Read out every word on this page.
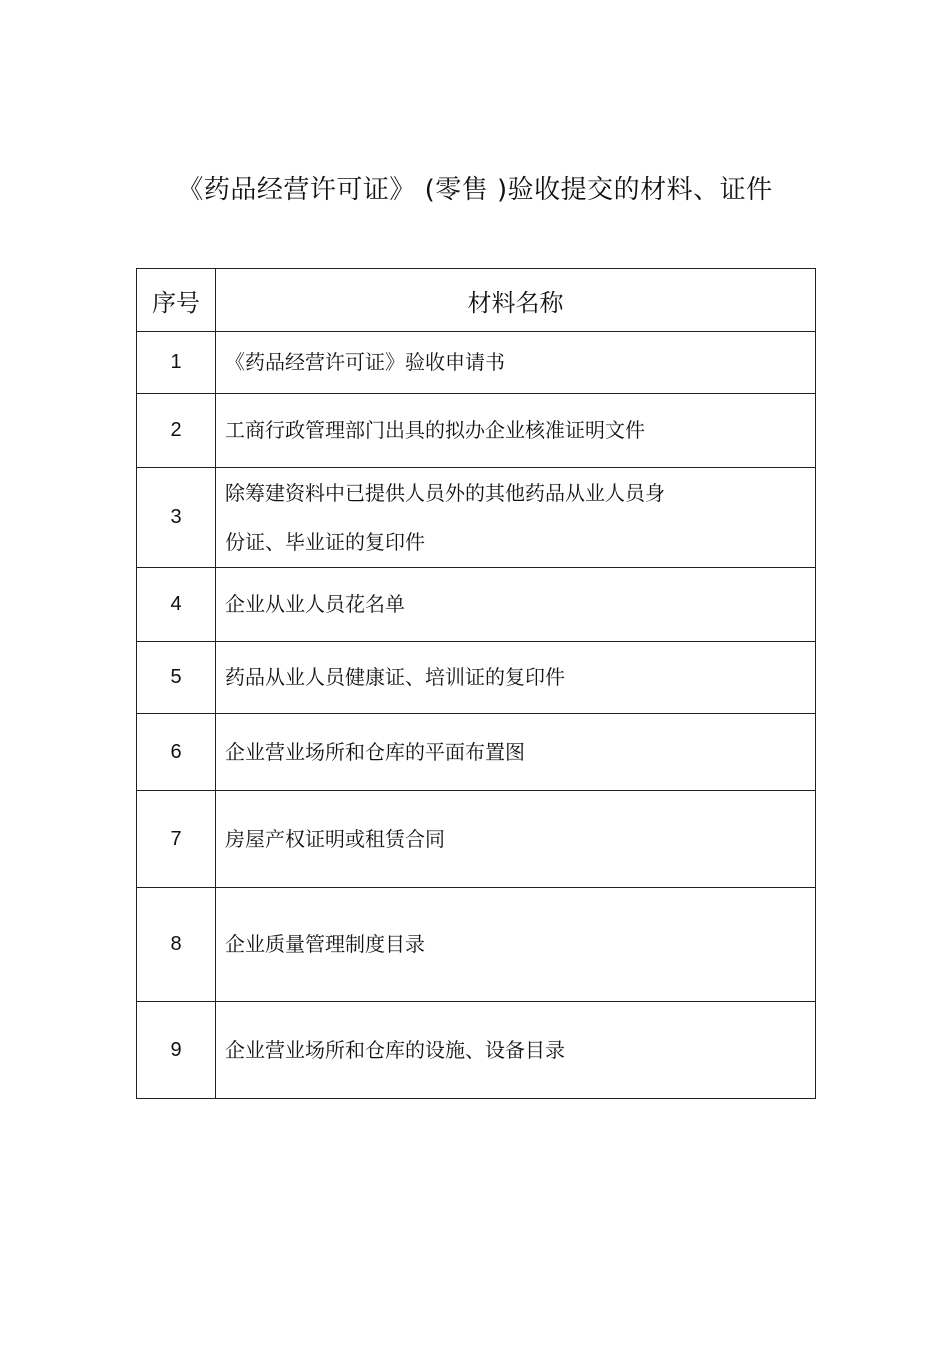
《药品经营许可证》 (零售 )验收提交的材料、证件
序号	材料名称
1	《药品经营许可证》验收申请书

2	工商行政管理部门出具的拟办企业核准证明文件

3	除筹建资料中已提供人员外的其他药品从业人员身
份证、毕业证的复印件

4	企业从业人员花名单

5	药品从业人员健康证、培训证的复印件

6	企业营业场所和仓库的平面布置图

7	房屋产权证明或租赁合同

8	企业质量管理制度目录

9	企业营业场所和仓库的设施、设备目录
